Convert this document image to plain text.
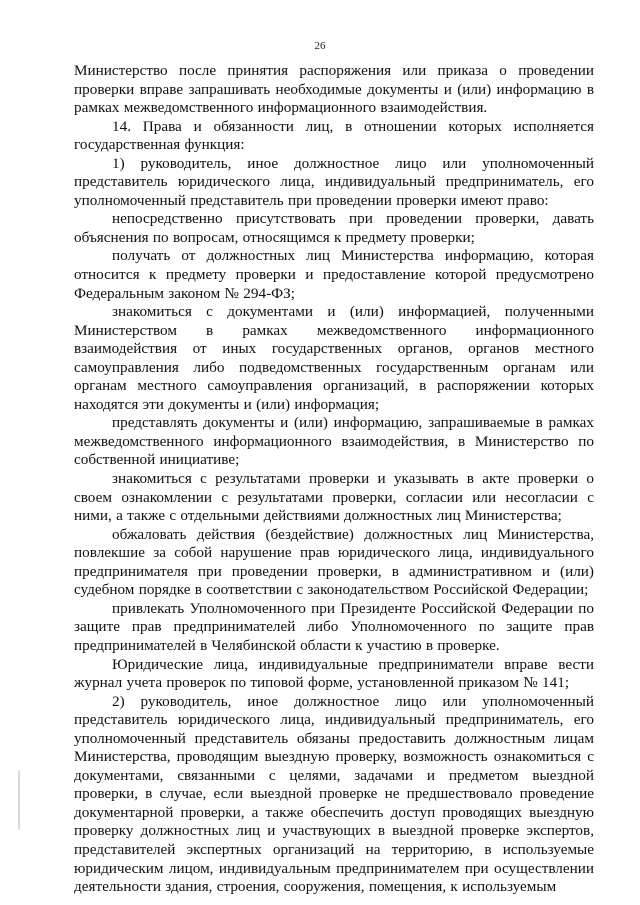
26

Министерство после принятия распоряжения или приказа о проведении проверки вправе запрашивать необходимые документы и (или) информацию в рамках межведомственного информационного взаимодействия.

14. Права и обязанности лиц, в отношении которых исполняется государственная функция:

1) руководитель, иное должностное лицо или уполномоченный представитель юридического лица, индивидуальный предприниматель, его уполномоченный представитель при проведении проверки имеют право:

непосредственно присутствовать при проведении проверки, давать объяснения по вопросам, относящимся к предмету проверки;

получать от должностных лиц Министерства информацию, которая относится к предмету проверки и предоставление которой предусмотрено Федеральным законом № 294-ФЗ;

знакомиться с документами и (или) информацией, полученными Министерством в рамках межведомственного информационного взаимодействия от иных государственных органов, органов местного самоуправления либо подведомственных государственным органам или органам местного самоуправления организаций, в распоряжении которых находятся эти документы и (или) информация;

представлять документы и (или) информацию, запрашиваемые в рамках межведомственного информационного взаимодействия, в Министерство по собственной инициативе;

знакомиться с результатами проверки и указывать в акте проверки о своем ознакомлении с результатами проверки, согласии или несогласии с ними, а также с отдельными действиями должностных лиц Министерства;

обжаловать действия (бездействие) должностных лиц Министерства, повлекшие за собой нарушение прав юридического лица, индивидуального предпринимателя при проведении проверки, в административном и (или) судебном порядке в соответствии с законодательством Российской Федерации;

привлекать Уполномоченного при Президенте Российской Федерации по защите прав предпринимателей либо Уполномоченного по защите прав предпринимателей в Челябинской области к участию в проверке.

Юридические лица, индивидуальные предприниматели вправе вести журнал учета проверок по типовой форме, установленной приказом № 141;

2) руководитель, иное должностное лицо или уполномоченный представитель юридического лица, индивидуальный предприниматель, его уполномоченный представитель обязаны предоставить должностным лицам Министерства, проводящим выездную проверку, возможность ознакомиться с документами, связанными с целями, задачами и предметом выездной проверки, в случае, если выездной проверке не предшествовало проведение документарной проверки, а также обеспечить доступ проводящих выездную проверку должностных лиц и участвующих в выездной проверке экспертов, представителей экспертных организаций на территорию, в используемые юридическим лицом, индивидуальным предпринимателем при осуществлении деятельности здания, строения, сооружения, помещения, к используемым
